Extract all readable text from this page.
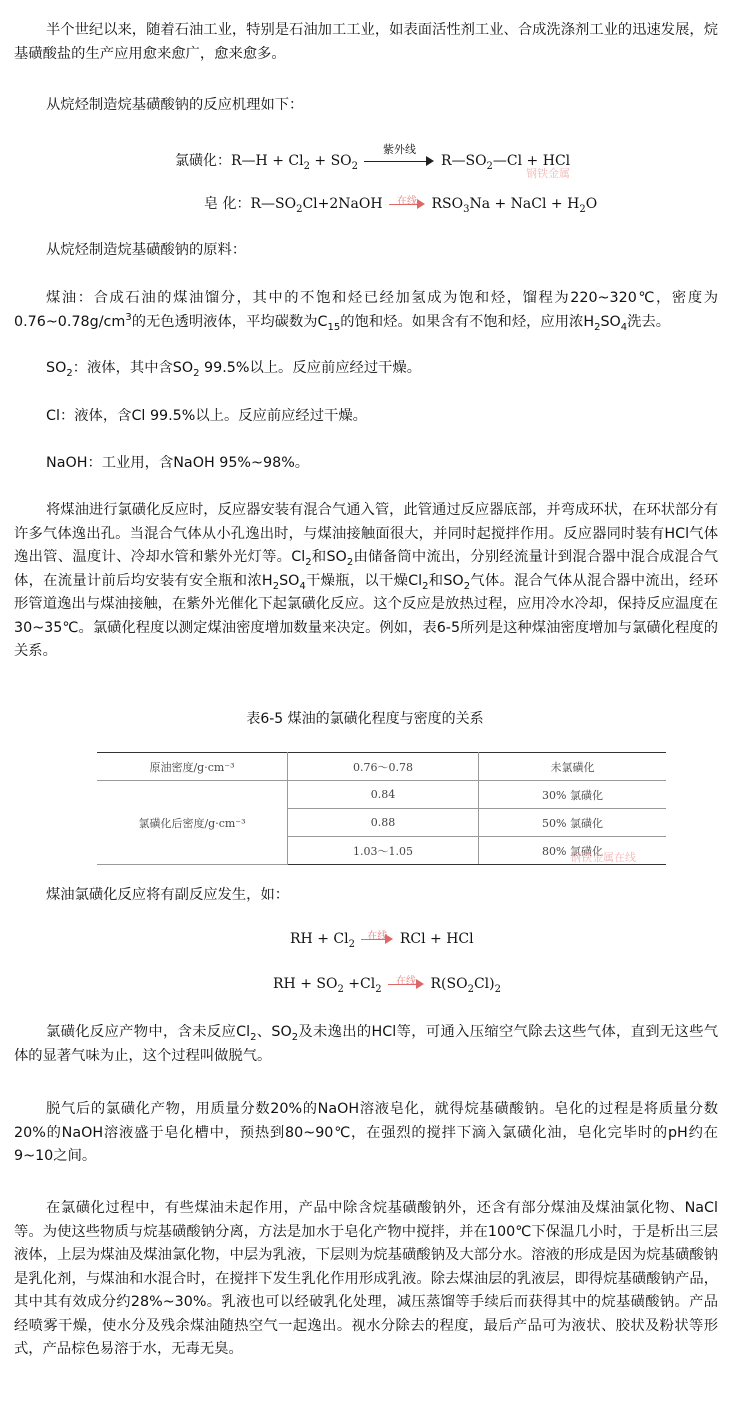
半个世纪以来，随着石油工业，特别是石油加工工业，如表面活性剂工业、合成洗涤剂工业的迅速发展，烷基磺酸盐的生产应用愈来愈广，愈来愈多。

从烷烃制造烷基磺酸钠的反应机理如下：

氯磺化：R—H + $Cl_2 + SO_2$
紫外线
$R—SO_2—Cl$ + HCl
钢铁金属
皂 化：$R—SO_2Cl+2NaOH$	在线	$RSO_3Na$ + NaCl + $H_2O$

从烷烃制造烷基磺酸钠的原料：

煤油：合成石油的煤油馏分，其中的不饱和烃已经加氢成为饱和烃，馏程为220~320℃，密度为$0.76\sim 0.78g/cm^3$的无色透明液体，平均碳数为$C_{15}$的饱和烃。如果含有不饱和烃，应用浓$H_2SO_4$洗去。

$SO_2$：液体，其中含$SO_2$ 99.5%以上。反应前应经过干燥。

Cl：液体，含Cl 99.5%以上。反应前应经过干燥。

NaOH：工业用，含NaOH 95%~98%。

将煤油进行氯磺化反应时，反应器安装有混合气通入管，此管通过反应器底部，并弯成环状，在环状部分有许多气体逸出孔。当混合气体从小孔逸出时，与煤油接触面很大，并同时起搅拌作用。反应器同时装有HCl气体逸出管、温度计、冷却水管和紫外光灯等。$Cl_2$和$SO_2$由储备筒中流出，分别经流量计到混合器中混合成混合气体，在流量计前后均安装有安全瓶和浓$H_2SO_4$干燥瓶，以干燥$Cl_2$和$SO_2$气体。混合气体从混合器中流出，经环形管道逸出与煤油接触，在紫外光催化下起氯磺化反应。这个反应是放热过程，应用冷水冷却，保持反应温度在30~35℃。氯磺化程度以测定煤油密度增加数量来决定。例如，表6-5所列是这种煤油密度增加与氯磺化程度的关系。

表6-5 煤油的氯磺化程度与密度的关系
原油密度/g·cm⁻³	0.76～0.78	未氯磺化
氯磺化后密度/g·cm⁻³	0.84	30% 氯磺化
	0.88	50% 氯磺化
	1.03～1.05	80% 氯磺化
钢铁金属在线

煤油氯磺化反应将有副反应发生，如：

RH + $Cl_2$
在线 RCl + HCl
RH + $SO_2 +Cl_2$
在线	$R(SO_2Cl)_2$

氯磺化反应产物中，含未反应$Cl_2$、$SO_2$及未逸出的HCl等，可通入压缩空气除去这些气体，直到无这些气体的显著气味为止，这个过程叫做脱气。

脱气后的氯磺化产物，用质量分数20%的NaOH溶液皂化，就得烷基磺酸钠。皂化的过程是将质量分数20%的NaOH溶液盛于皂化槽中，预热到80~90℃，在强烈的搅拌下滴入氯磺化油，皂化完毕时的pH约在9~10之间。

在氯磺化过程中，有些煤油未起作用，产品中除含烷基磺酸钠外，还含有部分煤油及煤油氯化物、NaCl等。为使这些物质与烷基磺酸钠分离，方法是加水于皂化产物中搅拌，并在100℃下保温几小时，于是析出三层液体，上层为煤油及煤油氯化物，中层为乳液，下层则为烷基磺酸钠及大部分水。溶液的形成是因为烷基磺酸钠是乳化剂，与煤油和水混合时，在搅拌下发生乳化作用形成乳液。除去煤油层的乳液层，即得烷基磺酸钠产品，其中其有效成分约28%~30%。乳液也可以经破乳化处理，减压蒸馏等手续后而获得其中的烷基磺酸钠。产品经喷雾干燥，使水分及残余煤油随热空气一起逸出。视水分除去的程度，最后产品可为液状、胶状及粉状等形式，产品棕色易溶于水，无毒无臭。
